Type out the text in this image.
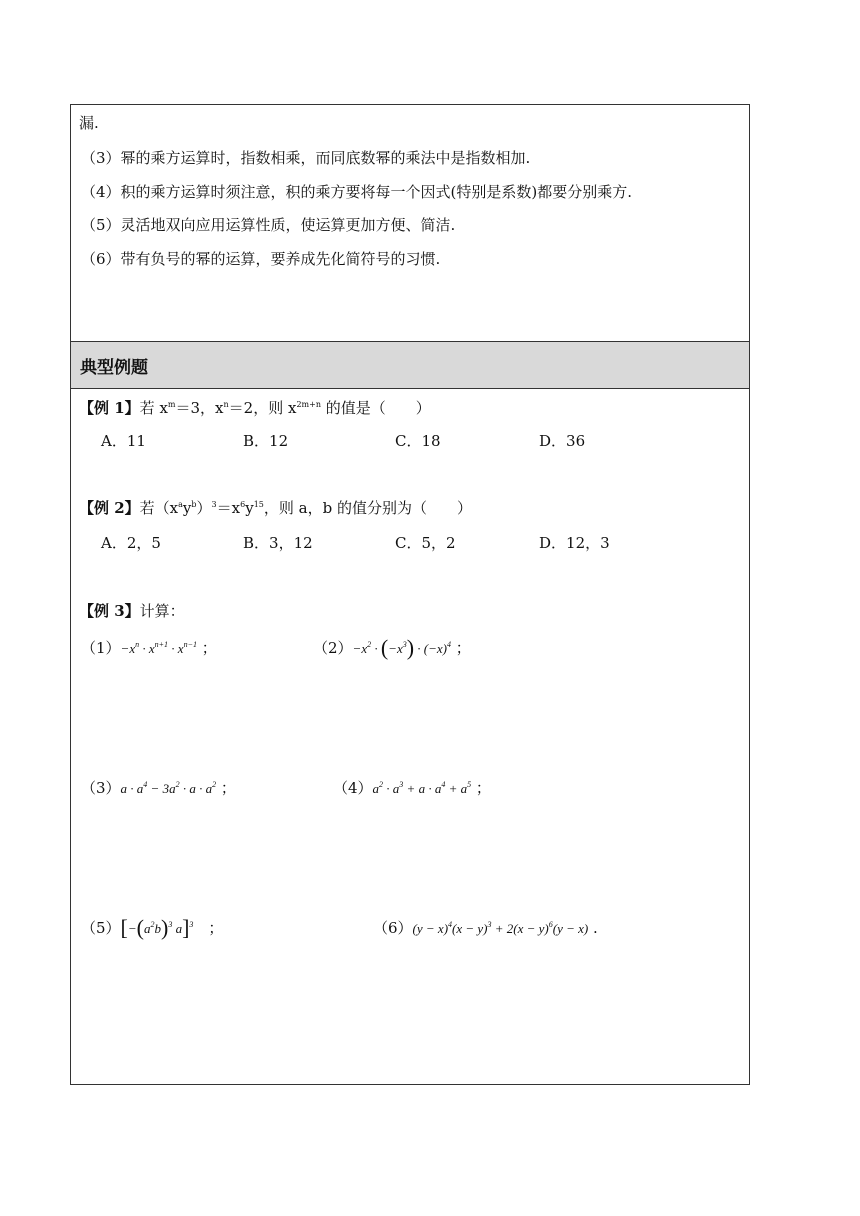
漏.
（3）幂的乘方运算时，指数相乘，而同底数幂的乘法中是指数相加.
（4）积的乘方运算时须注意，积的乘方要将每一个因式(特别是系数)都要分别乘方.
（5）灵活地双向应用运算性质，使运算更加方便、简洁.
（6）带有负号的幂的运算，要养成先化简符号的习惯.
典型例题
【例 1】若 $x^m=3$，$x^n=2$，则 $x^{2m+n}$ 的值是（　　）
A．11	B．12	C．18	D．36
【例 2】若$(x^ay^b)^3=x^6y^{15}$，则 a，b 的值分别为（　　）
A．2，5	B．3，12	C．5，2	D．12，3
【例 3】计算：
$(1)-x^n \cdot x^{n+1} \cdot x^{n-1}$ ；	$(2)-x^2 \cdot (-x^3) \cdot (-x)^4$ ；
$(3)a \cdot a^4 - 3a^2 \cdot a \cdot a^2$ ；	$(4)a^2 \cdot a^3 + a \cdot a^4 + a^5$ ；
$(5)[-(a^2b)^3$ a]$^3$　；	$(6)(y - x)^4(x - y)^3 + 2(x - y)^6(y - x)$ .
